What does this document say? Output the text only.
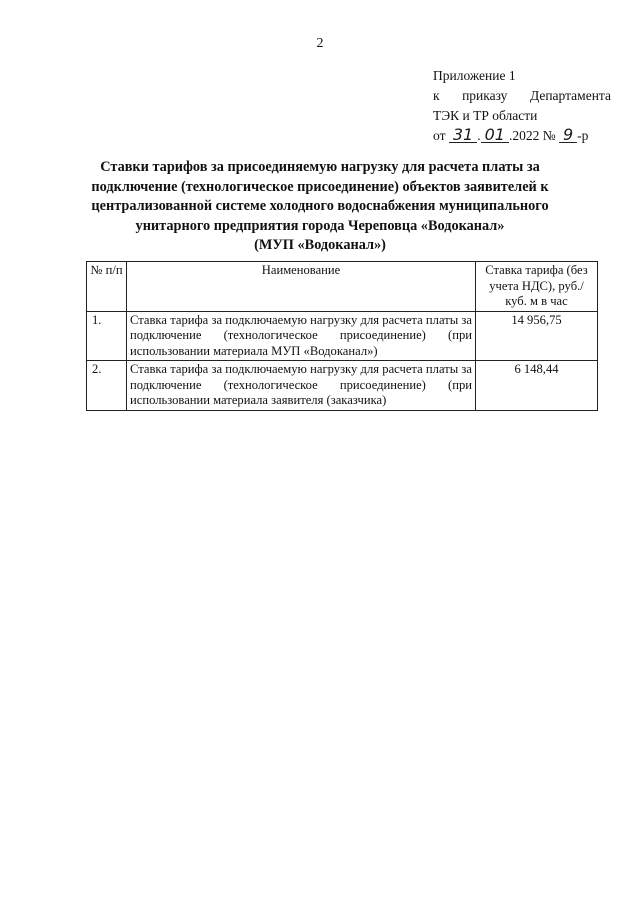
2
Приложение 1
к приказу Департамента
ТЭК и ТР области
от 31 . 01 .2022 № 9 -р
Ставки тарифов за присоединяемую нагрузку для расчета платы за
подключение (технологическое присоединение) объектов заявителей к
централизованной системе холодного водоснабжения муниципального
унитарного предприятия города Череповца «Водоканал»
(МУП «Водоканал»)
№ п/п	Наименование	Ставка тарифа (без учета НДС), руб./куб. м в час
1.	Ставка тарифа за подключаемую нагрузку для расчета платы за подключение (технологическое присоединение) (при использовании материала МУП «Водоканал»)	14 956,75
2.	Ставка тарифа за подключаемую нагрузку для расчета платы за подключение (технологическое присоединение) (при использовании материала заявителя (заказчика)	6 148,44
